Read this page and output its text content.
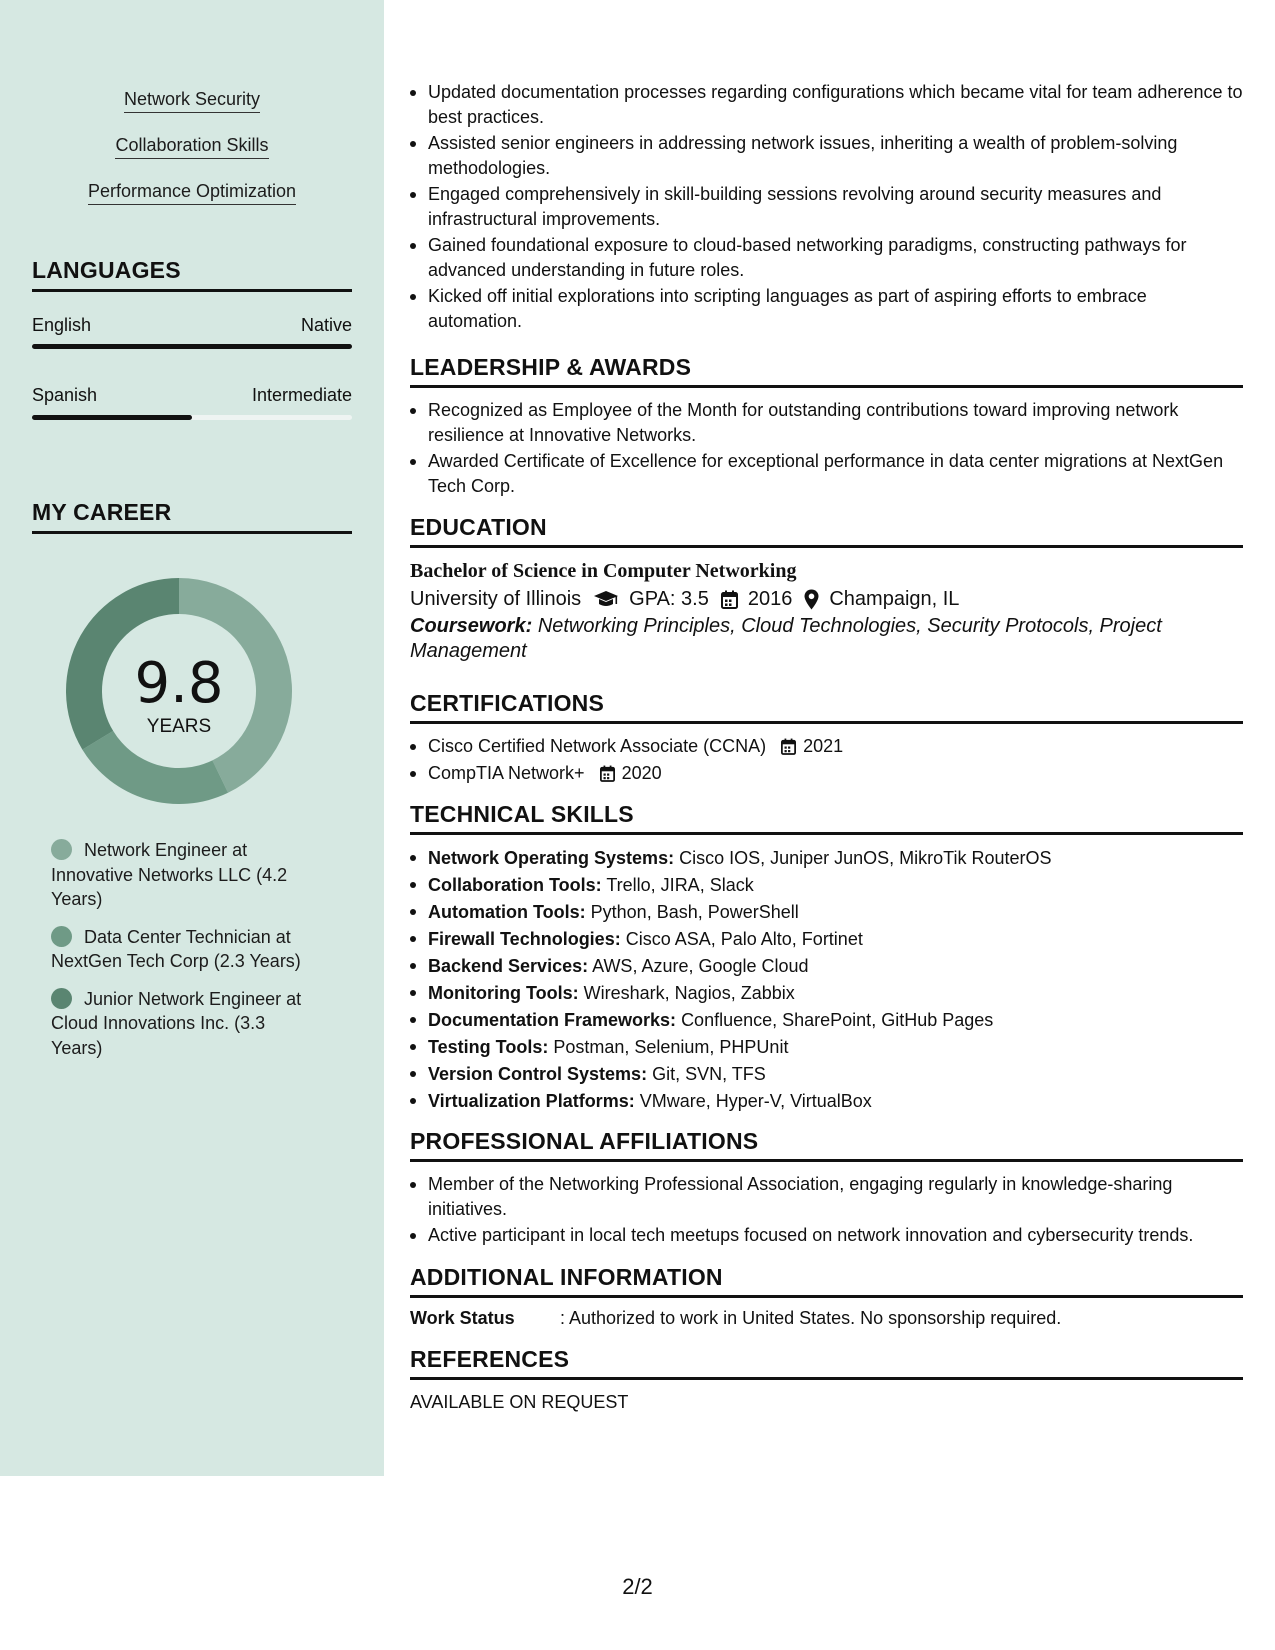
Network Security
Collaboration Skills
Performance Optimization
LANGUAGES
English	Native
Spanish	Intermediate
MY CAREER
9.8
YEARS
Network Engineer at Innovative Networks LLC (4.2 Years)
Data Center Technician at NextGen Tech Corp (2.3 Years)
Junior Network Engineer at Cloud Innovations Inc. (3.3 Years)
Updated documentation processes regarding configurations which became vital for team adherence to best practices.
Assisted senior engineers in addressing network issues, inheriting a wealth of problem-solving methodologies.
Engaged comprehensively in skill-building sessions revolving around security measures and infrastructural improvements.
Gained foundational exposure to cloud-based networking paradigms, constructing pathways for advanced understanding in future roles.
Kicked off initial explorations into scripting languages as part of aspiring efforts to embrace automation.
LEADERSHIP & AWARDS
Recognized as Employee of the Month for outstanding contributions toward improving network resilience at Innovative Networks.
Awarded Certificate of Excellence for exceptional performance in data center migrations at NextGen Tech Corp.
EDUCATION
Bachelor of Science in Computer Networking
University of Illinois GPA: 3.5 2016 Champaign, IL
Coursework: Networking Principles, Cloud Technologies, Security Protocols, Project Management
CERTIFICATIONS
Cisco Certified Network Associate (CCNA) 2021
CompTIA Network+ 2020
TECHNICAL SKILLS
Network Operating Systems: Cisco IOS, Juniper JunOS, MikroTik RouterOS
Collaboration Tools: Trello, JIRA, Slack
Automation Tools: Python, Bash, PowerShell
Firewall Technologies: Cisco ASA, Palo Alto, Fortinet
Backend Services: AWS, Azure, Google Cloud
Monitoring Tools: Wireshark, Nagios, Zabbix
Documentation Frameworks: Confluence, SharePoint, GitHub Pages
Testing Tools: Postman, Selenium, PHPUnit
Version Control Systems: Git, SVN, TFS
Virtualization Platforms: VMware, Hyper-V, VirtualBox
PROFESSIONAL AFFILIATIONS
Member of the Networking Professional Association, engaging regularly in knowledge-sharing initiatives.
Active participant in local tech meetups focused on network innovation and cybersecurity trends.
ADDITIONAL INFORMATION
Work Status	: Authorized to work in United States. No sponsorship required.
REFERENCES
AVAILABLE ON REQUEST
2/2
